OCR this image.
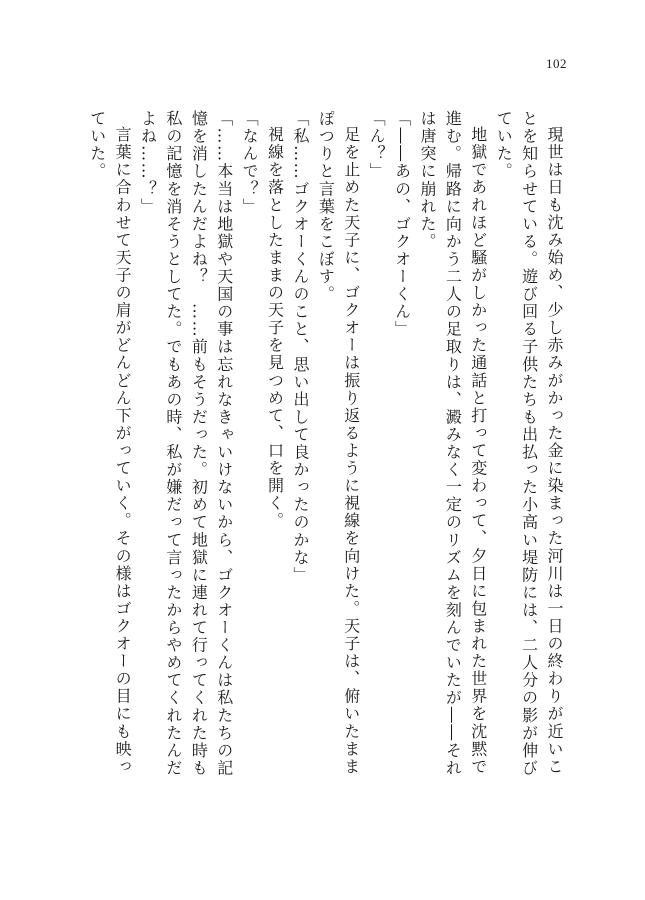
102

現世は日も沈み始め、少し赤みがかった金に染まった河川は一日の終わりが近いことを知らせている。遊び回る子供たちも出払った小高い堤防には、二人分の影が伸びていた。

地獄であれほど騒がしかった通話と打って変わって、夕日に包まれた世界を沈黙で進む。帰路に向かう二人の足取りは、澱みなく一定のリズムを刻んでいたが――それは唐突に崩れた。

「――あの、ゴクオーくん」

「ん？」

足を止めた天子に、ゴクオーは振り返るように視線を向けた。天子は、俯いたままぽつりと言葉をこぼす。

「私……ゴクオーくんのこと、思い出して良かったのかな」

視線を落としたままの天子を見つめて、口を開く。

「なんで？」

「……本当は地獄や天国の事は忘れなきゃいけないから、ゴクオーくんは私たちの記憶を消したんだよね？　……前もそうだった。初めて地獄に連れて行ってくれた時も私の記憶を消そうとしてた。でもあの時、私が嫌だって言ったからやめてくれたんだよね……？」

言葉に合わせて天子の肩がどんどん下がっていく。その様はゴクオーの目にも映っていた。
